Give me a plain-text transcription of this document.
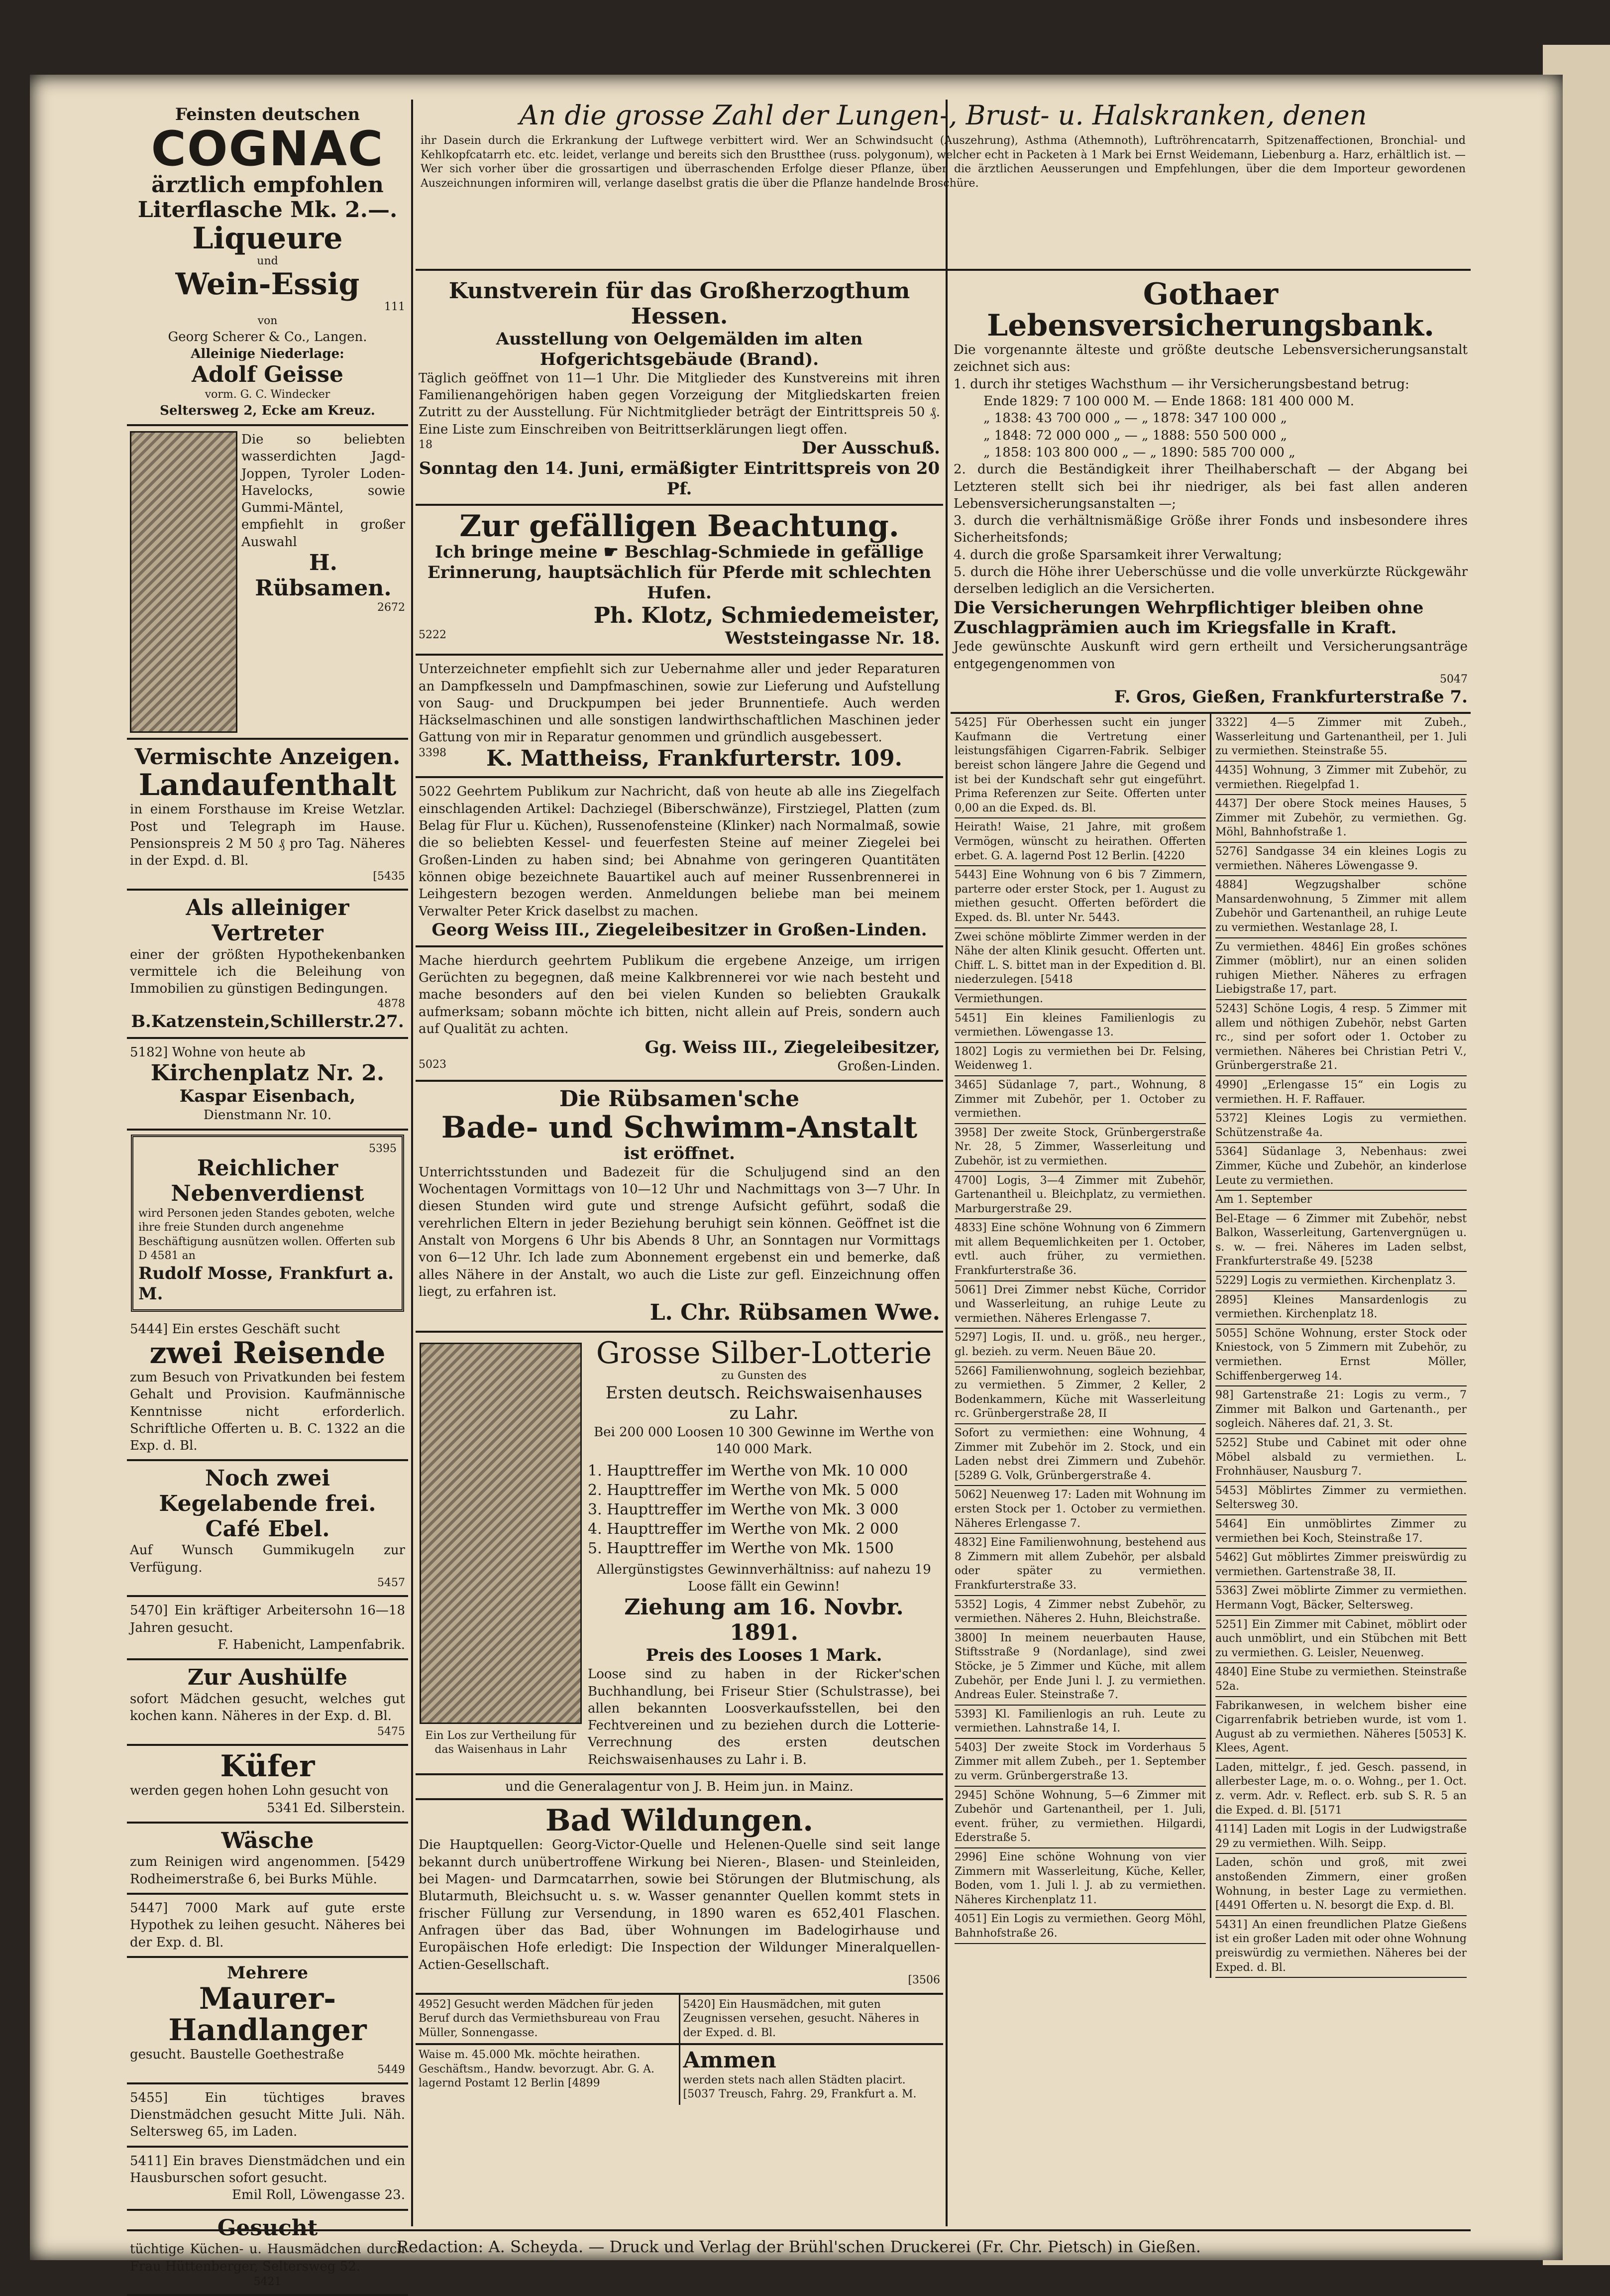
Feinsten deutschen
COGNAC
ärztlich empfohlen Literflasche Mk. 2.—.
Liqueure
und
Wein-Essig
111
von
Georg Scherer & Co., Langen.
Alleinige Niederlage:
Adolf Geisse
vorm. G. C. Windecker
Seltersweg 2, Ecke am Kreuz.
Die so beliebten wasserdichten Jagd-Joppen, Tyroler Loden-Havelocks, sowie Gummi-Mäntel, empfiehlt in großer Auswahl
H. Rübsamen.
2672
Vermischte Anzeigen.
Landaufenthalt
in einem Forsthause im Kreise Wetzlar. Post und Telegraph im Hause. Pensionspreis 2 M 50 ₰ pro Tag. Näheres in der Expd. d. Bl.
[5435
Als alleiniger Vertreter
einer der größten Hypothekenbanken vermittele ich die Beleihung von Immobilien zu günstigen Bedingungen.
4878
B.Katzenstein,Schillerstr.27.
5182] Wohne von heute ab
Kirchenplatz Nr. 2.
Kaspar Eisenbach,
Dienstmann Nr. 10.
5395
Reichlicher Nebenverdienst
wird Personen jeden Standes geboten, welche ihre freie Stunden durch angenehme Beschäftigung ausnützen wollen. Offerten sub D 4581 an
Rudolf Mosse, Frankfurt a. M.
5444] Ein erstes Geschäft sucht
zwei Reisende
zum Besuch von Privatkunden bei festem Gehalt und Provision. Kaufmännische Kenntnisse nicht erforderlich. Schriftliche Offerten u. B. C. 1322 an die Exp. d. Bl.
Noch zwei Kegelabende frei.
Café Ebel.
Auf Wunsch Gummikugeln zur Verfügung.
5457
5470] Ein kräftiger Arbeitersohn 16—18 Jahren gesucht.
F. Habenicht, Lampenfabrik.
Zur Aushülfe
sofort Mädchen gesucht, welches gut kochen kann. Näheres in der Exp. d. Bl.
5475
Küfer
werden gegen hohen Lohn gesucht von
5341 Ed. Silberstein.
Wäsche
zum Reinigen wird angenommen. [5429 Rodheimerstraße 6, bei Burks Mühle.
5447] 7000 Mark auf gute erste Hypothek zu leihen gesucht. Näheres bei der Exp. d. Bl.
Mehrere
Maurer-Handlanger
gesucht. Baustelle Goethestraße
5449
5455] Ein tüchtiges braves Dienstmädchen gesucht Mitte Juli. Näh. Seltersweg 65, im Laden.
5411] Ein braves Dienstmädchen und ein Hausburschen sofort gesucht.
Emil Roll, Löwengasse 23.
Gesucht
tüchtige Küchen- u. Hausmädchen durch Frau Hüttenberger, Seltersweg 52.
5421
An die grosse Zahl der Lungen-, Brust- u. Halskranken, denen
ihr Dasein durch die Erkrankung der Luftwege verbittert wird. Wer an Schwindsucht (Auszehrung), Asthma (Athemnoth), Luftröhrencatarrh, Spitzenaffectionen, Bronchial- und Kehlkopfcatarrh etc. etc. leidet, verlange und bereits sich den Brustthee (russ. polygonum), welcher echt in Packeten à 1 Mark bei Ernst Weidemann, Liebenburg a. Harz, erhältlich ist. — Wer sich vorher über die grossartigen und überraschenden Erfolge dieser Pflanze, über die ärztlichen Aeusserungen und Empfehlungen, über die dem Importeur gewordenen Auszeichnungen informiren will, verlange daselbst gratis die über die Pflanze handelnde Broschüre.
Kunstverein für das Großherzogthum Hessen.
Ausstellung von Oelgemälden im alten Hofgerichtsgebäude (Brand).
Täglich geöffnet von 11—1 Uhr. Die Mitglieder des Kunstvereins mit ihren Familienangehörigen haben gegen Vorzeigung der Mitgliedskarten freien Zutritt zu der Ausstellung. Für Nichtmitglieder beträgt der Eintrittspreis 50 ₰. Eine Liste zum Einschreiben von Beitrittserklärungen liegt offen.
18	Der Ausschuß.
Sonntag den 14. Juni, ermäßigter Eintrittspreis von 20 Pf.
Zur gefälligen Beachtung.
Ich bringe meine ☛ Beschlag-Schmiede in gefällige Erinnerung, hauptsächlich für Pferde mit schlechten Hufen.
Ph. Klotz, Schmiedemeister,
5222	Weststeingasse Nr. 18.
Unterzeichneter empfiehlt sich zur Uebernahme aller und jeder Reparaturen an Dampfkesseln und Dampfmaschinen, sowie zur Lieferung und Aufstellung von Saug- und Druckpumpen bei jeder Brunnentiefe. Auch werden Häckselmaschinen und alle sonstigen landwirthschaftlichen Maschinen jeder Gattung von mir in Reparatur genommen und gründlich ausgebessert.
3398	K. Mattheiss, Frankfurterstr. 109.
5022 Geehrtem Publikum zur Nachricht, daß von heute ab alle ins Ziegelfach einschlagenden Artikel: Dachziegel (Biberschwänze), Firstziegel, Platten (zum Belag für Flur u. Küchen), Russenofensteine (Klinker) nach Normalmaß, sowie die so beliebten Kessel- und feuerfesten Steine auf meiner Ziegelei bei Großen-Linden zu haben sind; bei Abnahme von geringeren Quantitäten können obige bezeichnete Bauartikel auch auf meiner Russenbrennerei in Leihgestern bezogen werden. Anmeldungen beliebe man bei meinem Verwalter Peter Krick daselbst zu machen.
Georg Weiss III., Ziegeleibesitzer in Großen-Linden.
Mache hierdurch geehrtem Publikum die ergebene Anzeige, um irrigen Gerüchten zu begegnen, daß meine Kalkbrennerei vor wie nach besteht und mache besonders auf den bei vielen Kunden so beliebten Graukalk aufmerksam; sobann möchte ich bitten, nicht allein auf Preis, sondern auch auf Qualität zu achten.
Gg. Weiss III., Ziegeleibesitzer,
5023	Großen-Linden.
Die Rübsamen'sche
Bade- und Schwimm-Anstalt
ist eröffnet.
Unterrichtsstunden und Badezeit für die Schuljugend sind an den Wochentagen Vormittags von 10—12 Uhr und Nachmittags von 3—7 Uhr. In diesen Stunden wird gute und strenge Aufsicht geführt, sodaß die verehrlichen Eltern in jeder Beziehung beruhigt sein können. Geöffnet ist die Anstalt von Morgens 6 Uhr bis Abends 8 Uhr, an Sonntagen nur Vormittags von 6—12 Uhr. Ich lade zum Abonnement ergebenst ein und bemerke, daß alles Nähere in der Anstalt, wo auch die Liste zur gefl. Einzeichnung offen liegt, zu erfahren ist.
L. Chr. Rübsamen Wwe.
Ein Los zur Vertheilung für das Waisenhaus in Lahr
Grosse Silber-Lotterie
zu Gunsten des
Ersten deutsch. Reichswaisenhauses
zu Lahr.
Bei 200 000 Loosen 10 300 Gewinne im Werthe von 140 000 Mark.
1. Haupttreffer im Werthe von Mk. 10 000
2. Haupttreffer im Werthe von Mk. 5 000
3. Haupttreffer im Werthe von Mk. 3 000
4. Haupttreffer im Werthe von Mk. 2 000
5. Haupttreffer im Werthe von Mk. 1500
Allergünstigstes Gewinnverhältniss: auf nahezu 19 Loose fällt ein Gewinn!
Ziehung am 16. Novbr. 1891.
Preis des Looses 1 Mark.
Loose sind zu haben in der Ricker'schen Buchhandlung, bei Friseur Stier (Schulstrasse), bei allen bekannten Loosverkaufsstellen, bei den Fechtvereinen und zu beziehen durch die Lotterie-Verrechnung des ersten deutschen Reichswaisenhauses zu Lahr i. B.
und die Generalagentur von J. B. Heim jun. in Mainz.
Bad Wildungen.
Die Hauptquellen: Georg-Victor-Quelle und Helenen-Quelle sind seit lange bekannt durch unübertroffene Wirkung bei Nieren-, Blasen- und Steinleiden, bei Magen- und Darmcatarrhen, sowie bei Störungen der Blutmischung, als Blutarmuth, Bleichsucht u. s. w. Wasser genannter Quellen kommt stets in frischer Füllung zur Versendung, in 1890 waren es 652,401 Flaschen. Anfragen über das Bad, über Wohnungen im Badelogirhause und Europäischen Hofe erledigt: Die Inspection der Wildunger Mineralquellen-Actien-Gesellschaft.
[3506
4952] Gesucht werden Mädchen für jeden Beruf durch das Vermiethsbureau von Frau Müller, Sonnengasse.
5420] Ein Hausmädchen, mit guten Zeugnissen versehen, gesucht. Näheres in der Exped. d. Bl.
Waise m. 45.000 Mk. möchte heirathen. Geschäftsm., Handw. bevorzugt. Abr. G. A. lagernd Postamt 12 Berlin [4899
Ammen
werden stets nach allen Städten placirt. [5037 Treusch, Fahrg. 29, Frankfurt a. M.
Gothaer Lebensversicherungsbank.
Die vorgenannte älteste und größte deutsche Lebensversicherungsanstalt zeichnet sich aus:
1. durch ihr stetiges Wachsthum — ihr Versicherungsbestand betrug:
Ende 1829: 7 100 000 M. — Ende 1868: 181 400 000 M.
„ 1838: 43 700 000 „ — „ 1878: 347 100 000 „
„ 1848: 72 000 000 „ — „ 1888: 550 500 000 „
„ 1858: 103 800 000 „ — „ 1890: 585 700 000 „
2. durch die Beständigkeit ihrer Theilhaberschaft — der Abgang bei Letzteren stellt sich bei ihr niedriger, als bei fast allen anderen Lebensversicherungsanstalten —;
3. durch die verhältnismäßige Größe ihrer Fonds und insbesondere ihres Sicherheitsfonds;
4. durch die große Sparsamkeit ihrer Verwaltung;
5. durch die Höhe ihrer Ueberschüsse und die volle unverkürzte Rückgewähr derselben lediglich an die Versicherten.
Die Versicherungen Wehrpflichtiger bleiben ohne Zuschlagprämien auch im Kriegsfalle in Kraft.
Jede gewünschte Auskunft wird gern ertheilt und Versicherungsanträge entgegengenommen von
5047
F. Gros, Gießen, Frankfurterstraße 7.
5425] Für Oberhessen sucht ein junger Kaufmann die Vertretung einer leistungsfähigen Cigarren-Fabrik. Selbiger bereist schon längere Jahre die Gegend und ist bei der Kundschaft sehr gut eingeführt. Prima Referenzen zur Seite. Offerten unter 0,00 an die Exped. ds. Bl.
Heirath! Waise, 21 Jahre, mit großem Vermögen, wünscht zu heirathen. Offerten erbet. G. A. lagernd Post 12 Berlin. [4220
5443] Eine Wohnung von 6 bis 7 Zimmern, parterre oder erster Stock, per 1. August zu miethen gesucht. Offerten befördert die Exped. ds. Bl. unter Nr. 5443.
Zwei schöne möblirte Zimmer werden in der Nähe der alten Klinik gesucht. Offerten unt. Chiff. L. S. bittet man in der Expedition d. Bl. niederzulegen. [5418
Vermiethungen.
5451] Ein kleines Familienlogis zu vermiethen. Löwengasse 13.
1802] Logis zu vermiethen bei Dr. Felsing, Weidenweg 1.
3465] Südanlage 7, part., Wohnung, 8 Zimmer mit Zubehör, per 1. October zu vermiethen.
3958] Der zweite Stock, Grünbergerstraße Nr. 28, 5 Zimmer, Wasserleitung und Zubehör, ist zu vermiethen.
4700] Logis, 3—4 Zimmer mit Zubehör, Gartenantheil u. Bleichplatz, zu vermiethen. Marburgerstraße 29.
4833] Eine schöne Wohnung von 6 Zimmern mit allem Bequemlichkeiten per 1. October, evtl. auch früher, zu vermiethen. Frankfurterstraße 36.
5061] Drei Zimmer nebst Küche, Corridor und Wasserleitung, an ruhige Leute zu vermiethen. Näheres Erlengasse 7.
5297] Logis, II. und. u. größ., neu herger., gl. bezieh. zu verm. Neuen Bäue 20.
5266] Familienwohnung, sogleich beziehbar, zu vermiethen. 5 Zimmer, 2 Keller, 2 Bodenkammern, Küche mit Wasserleitung rc. Grünbergerstraße 28, II
Sofort zu vermiethen: eine Wohnung, 4 Zimmer mit Zubehör im 2. Stock, und ein Laden nebst drei Zimmern und Zubehör. [5289 G. Volk, Grünbergerstraße 4.
5062] Neuenweg 17: Laden mit Wohnung im ersten Stock per 1. October zu vermiethen. Näheres Erlengasse 7.
4832] Eine Familienwohnung, bestehend aus 8 Zimmern mit allem Zubehör, per alsbald oder später zu vermiethen. Frankfurterstraße 33.
5352] Logis, 4 Zimmer nebst Zubehör, zu vermiethen. Näheres 2. Huhn, Bleichstraße.
3800] In meinem neuerbauten Hause, Stiftsstraße 9 (Nordanlage), sind zwei Stöcke, je 5 Zimmer und Küche, mit allem Zubehör, per Ende Juni l. J. zu vermiethen. Andreas Euler. Steinstraße 7.
5393] Kl. Familienlogis an ruh. Leute zu vermiethen. Lahnstraße 14, I.
5403] Der zweite Stock im Vorderhaus 5 Zimmer mit allem Zubeh., per 1. September zu verm. Grünbergerstraße 13.
2945] Schöne Wohnung, 5—6 Zimmer mit Zubehör und Gartenantheil, per 1. Juli, event. früher, zu vermiethen. Hilgardi, Ederstraße 5.
2996] Eine schöne Wohnung von vier Zimmern mit Wasserleitung, Küche, Keller, Boden, vom 1. Juli l. J. ab zu vermiethen. Näheres Kirchenplatz 11.
4051] Ein Logis zu vermiethen. Georg Möhl, Bahnhofstraße 26.
3322] 4—5 Zimmer mit Zubeh., Wasserleitung und Gartenantheil, per 1. Juli zu vermiethen. Steinstraße 55.
4435] Wohnung, 3 Zimmer mit Zubehör, zu vermiethen. Riegelpfad 1.
4437] Der obere Stock meines Hauses, 5 Zimmer mit Zubehör, zu vermiethen. Gg. Möhl, Bahnhofstraße 1.
5276] Sandgasse 34 ein kleines Logis zu vermiethen. Näheres Löwengasse 9.
4884] Wegzugshalber schöne Mansardenwohnung, 5 Zimmer mit allem Zubehör und Gartenantheil, an ruhige Leute zu vermiethen. Westanlage 28, I.
Zu vermiethen. 4846] Ein großes schönes Zimmer (möblirt), nur an einen soliden ruhigen Miether. Näheres zu erfragen Liebigstraße 17, part.
5243] Schöne Logis, 4 resp. 5 Zimmer mit allem und nöthigen Zubehör, nebst Garten rc., sind per sofort oder 1. October zu vermiethen. Näheres bei Christian Petri V., Grünbergerstraße 21.
4990] „Erlengasse 15“ ein Logis zu vermiethen. H. F. Raffauer.
5372] Kleines Logis zu vermiethen. Schützenstraße 4a.
5364] Südanlage 3, Nebenhaus: zwei Zimmer, Küche und Zubehör, an kinderlose Leute zu vermiethen.
Am 1. September
Bel-Etage — 6 Zimmer mit Zubehör, nebst Balkon, Wasserleitung, Gartenvergnügen u. s. w. — frei. Näheres im Laden selbst, Frankfurterstraße 49. [5238
5229] Logis zu vermiethen. Kirchenplatz 3.
2895] Kleines Mansardenlogis zu vermiethen. Kirchenplatz 18.
5055] Schöne Wohnung, erster Stock oder Kniestock, von 5 Zimmern mit Zubehör, zu vermiethen. Ernst Möller, Schiffenbergerweg 14.
98] Gartenstraße 21: Logis zu verm., 7 Zimmer mit Balkon und Gartenanth., per sogleich. Näheres daf. 21, 3. St.
5252] Stube und Cabinet mit oder ohne Möbel alsbald zu vermiethen. L. Frohnhäuser, Nausburg 7.
5453] Möblirtes Zimmer zu vermiethen. Seltersweg 30.
5464] Ein unmöblirtes Zimmer zu vermiethen bei Koch, Steinstraße 17.
5462] Gut möblirtes Zimmer preiswürdig zu vermiethen. Gartenstraße 38, II.
5363] Zwei möblirte Zimmer zu vermiethen. Hermann Vogt, Bäcker, Seltersweg.
5251] Ein Zimmer mit Cabinet, möblirt oder auch unmöblirt, und ein Stübchen mit Bett zu vermiethen. G. Leisler, Neuenweg.
4840] Eine Stube zu vermiethen. Steinstraße 52a.
Fabrikanwesen, in welchem bisher eine Cigarrenfabrik betrieben wurde, ist vom 1. August ab zu vermiethen. Näheres [5053] K. Klees, Agent.
Laden, mittelgr., f. jed. Gesch. passend, in allerbester Lage, m. o. o. Wohng., per 1. Oct. z. verm. Adr. v. Reflect. erb. sub S. R. 5 an die Exped. d. Bl. [5171
4114] Laden mit Logis in der Ludwigstraße 29 zu vermiethen. Wilh. Seipp.
Laden, schön und groß, mit zwei anstoßenden Zimmern, einer großen Wohnung, in bester Lage zu vermiethen. [4491 Offerten u. N. besorgt die Exp. d. Bl.
5431] An einen freundlichen Platze Gießens ist ein großer Laden mit oder ohne Wohnung preiswürdig zu vermiethen. Näheres bei der Exped. d. Bl.
Redaction: A. Scheyda. — Druck und Verlag der Brühl'schen Druckerei (Fr. Chr. Pietsch) in Gießen.
